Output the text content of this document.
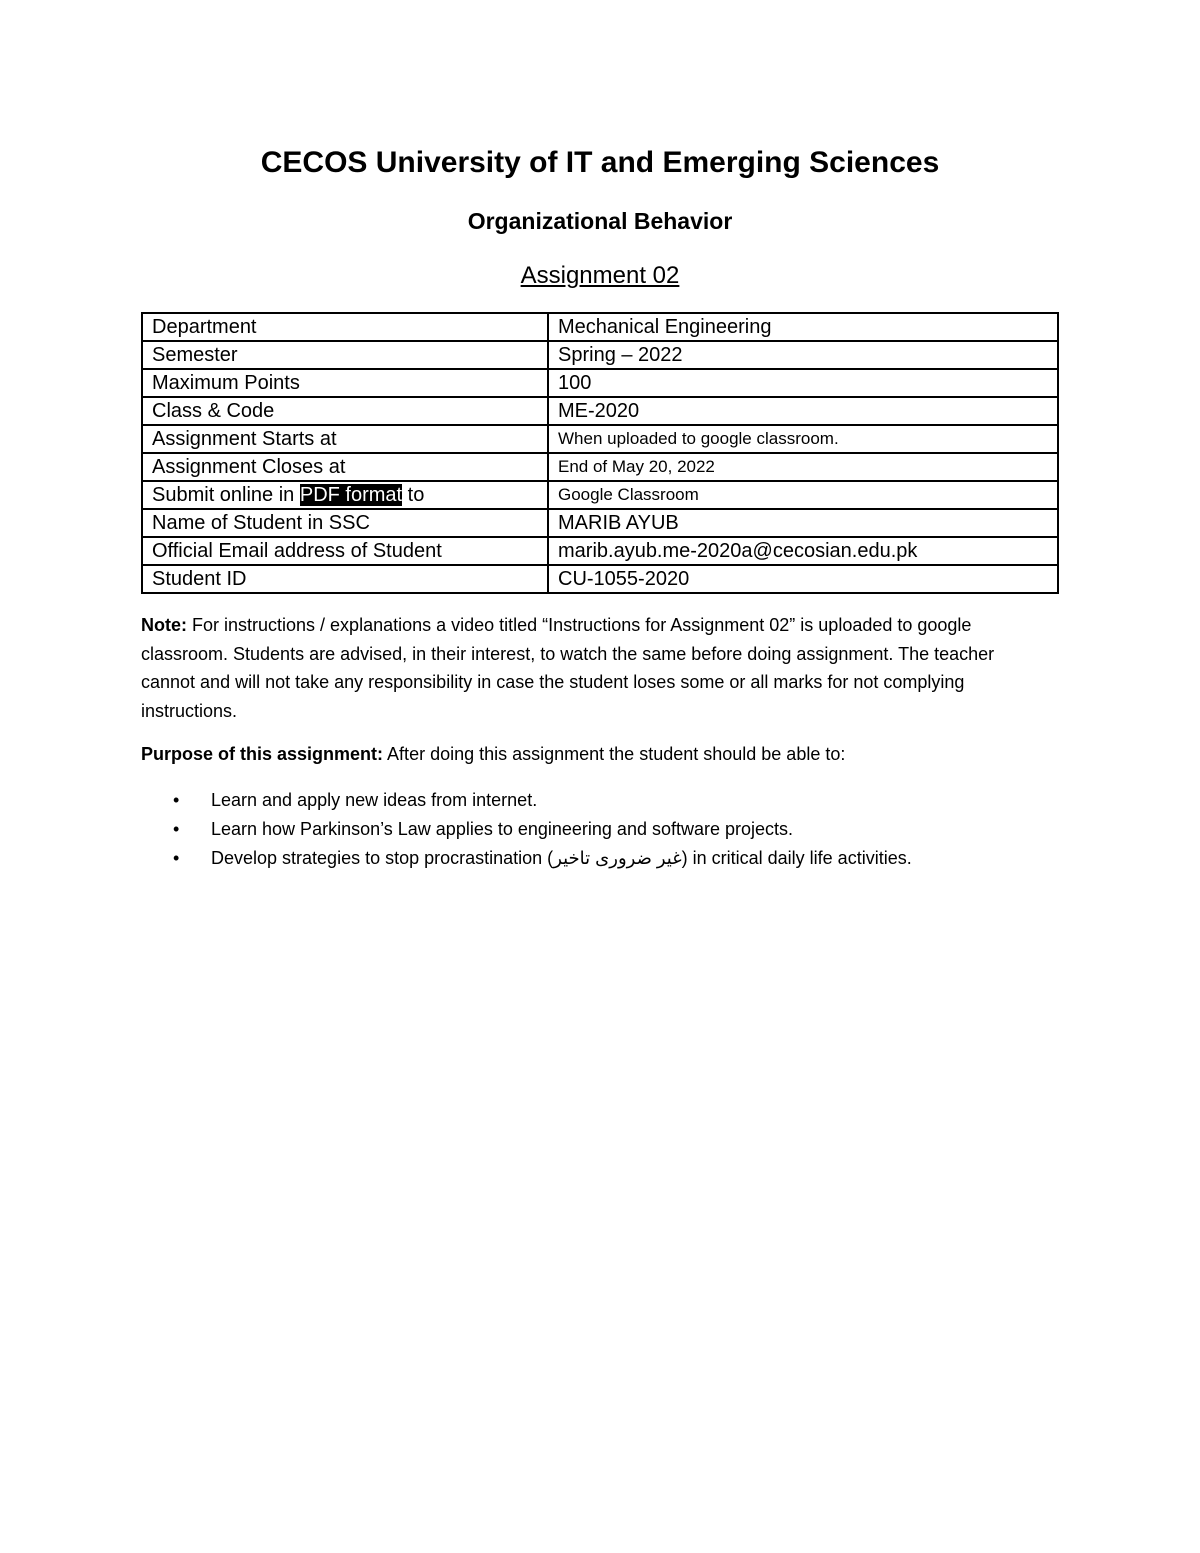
CECOS University of IT and Emerging Sciences
Organizational Behavior
Assignment 02
Department	Mechanical Engineering
Semester	Spring – 2022
Maximum Points	100
Class & Code	ME-2020
Assignment Starts at	When uploaded to google classroom.
Assignment Closes at	End of May 20, 2022
Submit online in PDF format to	Google Classroom
Name of Student in SSC	MARIB AYUB
Official Email address of Student	marib.ayub.me-2020a@cecosian.edu.pk
Student ID	CU-1055-2020

Note: For instructions / explanations a video titled “Instructions for Assignment 02” is uploaded to google classroom. Students are advised, in their interest, to watch the same before doing assignment. The teacher cannot and will not take any responsibility in case the student loses some or all marks for not complying instructions.

Purpose of this assignment: After doing this assignment the student should be able to:

• Learn and apply new ideas from internet.
• Learn how Parkinson’s Law applies to engineering and software projects.
• Develop strategies to stop procrastination (غیر ضروری تاخیر) in critical daily life activities.
